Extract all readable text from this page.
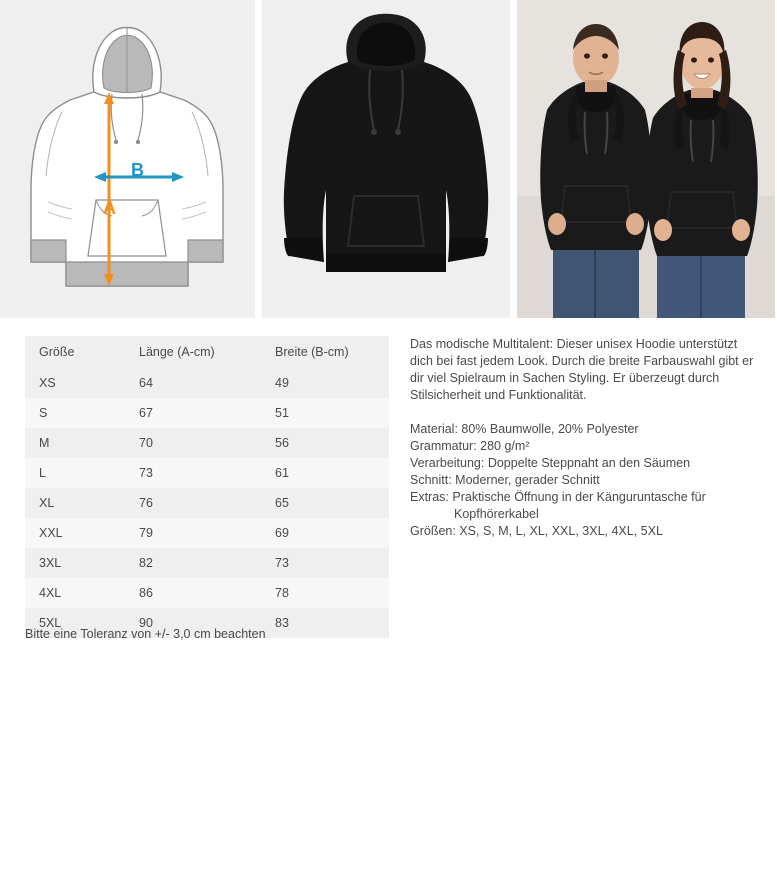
A
B
Größe	Länge (A-cm)	Breite (B-cm)
XS	64	49
S	67	51
M	70	56
L	73	61
XL	76	65
XXL	79	69
3XL	82	73
4XL	86	78
5XL	90	83
Bitte eine Toleranz von +/- 3,0 cm beachten

Das modische Multitalent: Dieser unisex Hoodie unterstützt dich bei fast jedem Look. Durch die breite Farbauswahl gibt er dir viel Spielraum in Sachen Styling. Er überzeugt durch Stilsicherheit und Funktionalität.

Material: 80% Baumwolle, 20% Polyester

Grammatur: 280 g/m²

Verarbeitung: Doppelte Steppnaht an den Säumen

Schnitt: Moderner, gerader Schnitt

Extras: Praktische Öffnung in der Känguruntasche für

Kopfhörerkabel

Größen: XS, S, M, L, XL, XXL, 3XL, 4XL, 5XL
